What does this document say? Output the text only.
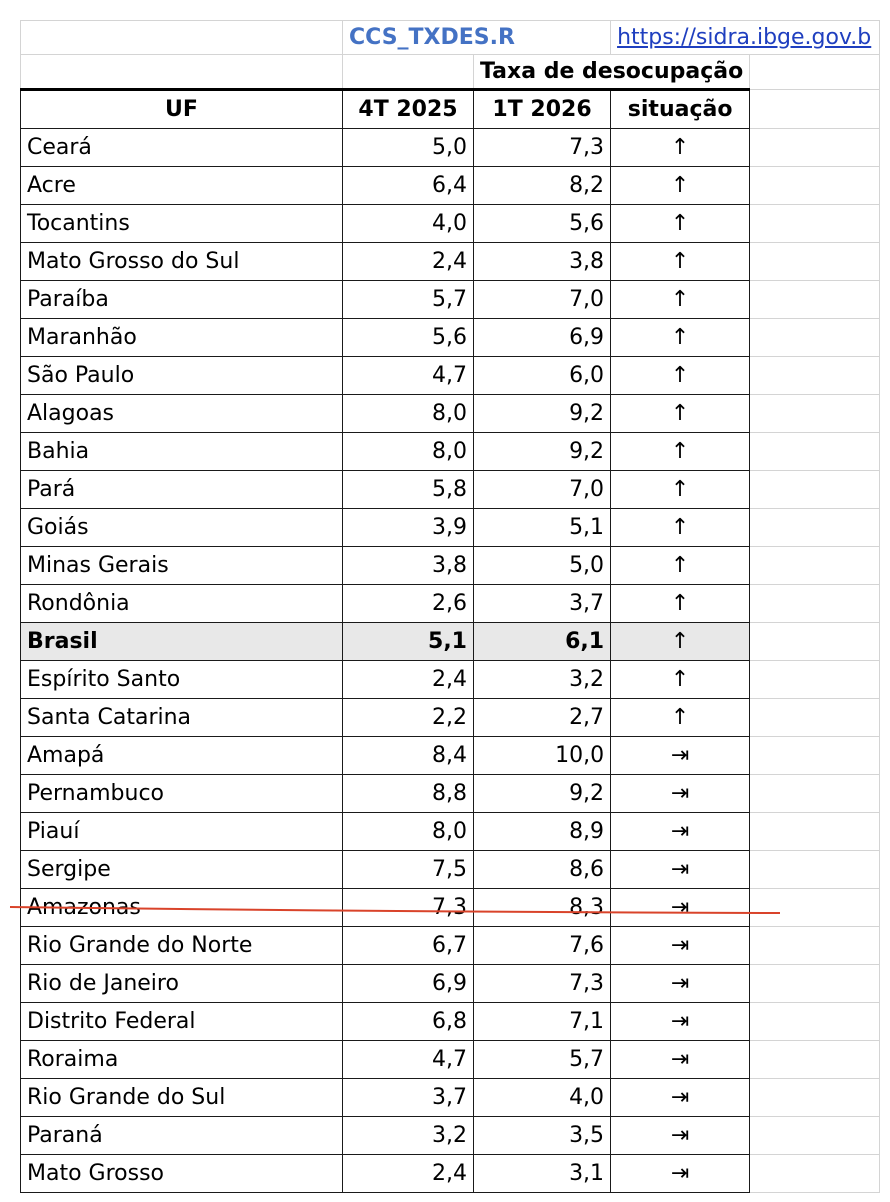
	CCS_TXDES.R		https://sidra.ibge.gov.b	
		Taxa de desocupação		
UF	4T 2025	1T 2026	situação	
Ceará	5,0	7,3	↑	
Acre	6,4	8,2	↑	
Tocantins	4,0	5,6	↑	
Mato Grosso do Sul	2,4	3,8	↑	
Paraíba	5,7	7,0	↑	
Maranhão	5,6	6,9	↑	
São Paulo	4,7	6,0	↑	
Alagoas	8,0	9,2	↑	
Bahia	8,0	9,2	↑	
Pará	5,8	7,0	↑	
Goiás	3,9	5,1	↑	
Minas Gerais	3,8	5,0	↑	
Rondônia	2,6	3,7	↑	
Brasil	5,1	6,1	↑	
Espírito Santo	2,4	3,2	↑	
Santa Catarina	2,2	2,7	↑	
Amapá	8,4	10,0	⇥	
Pernambuco	8,8	9,2	⇥	
Piauí	8,0	8,9	⇥	
Sergipe	7,5	8,6	⇥	
Amazonas	7,3	8,3	⇥	
Rio Grande do Norte	6,7	7,6	⇥	
Rio de Janeiro	6,9	7,3	⇥	
Distrito Federal	6,8	7,1	⇥	
Roraima	4,7	5,7	⇥	
Rio Grande do Sul	3,7	4,0	⇥	
Paraná	3,2	3,5	⇥	
Mato Grosso	2,4	3,1	⇥	
